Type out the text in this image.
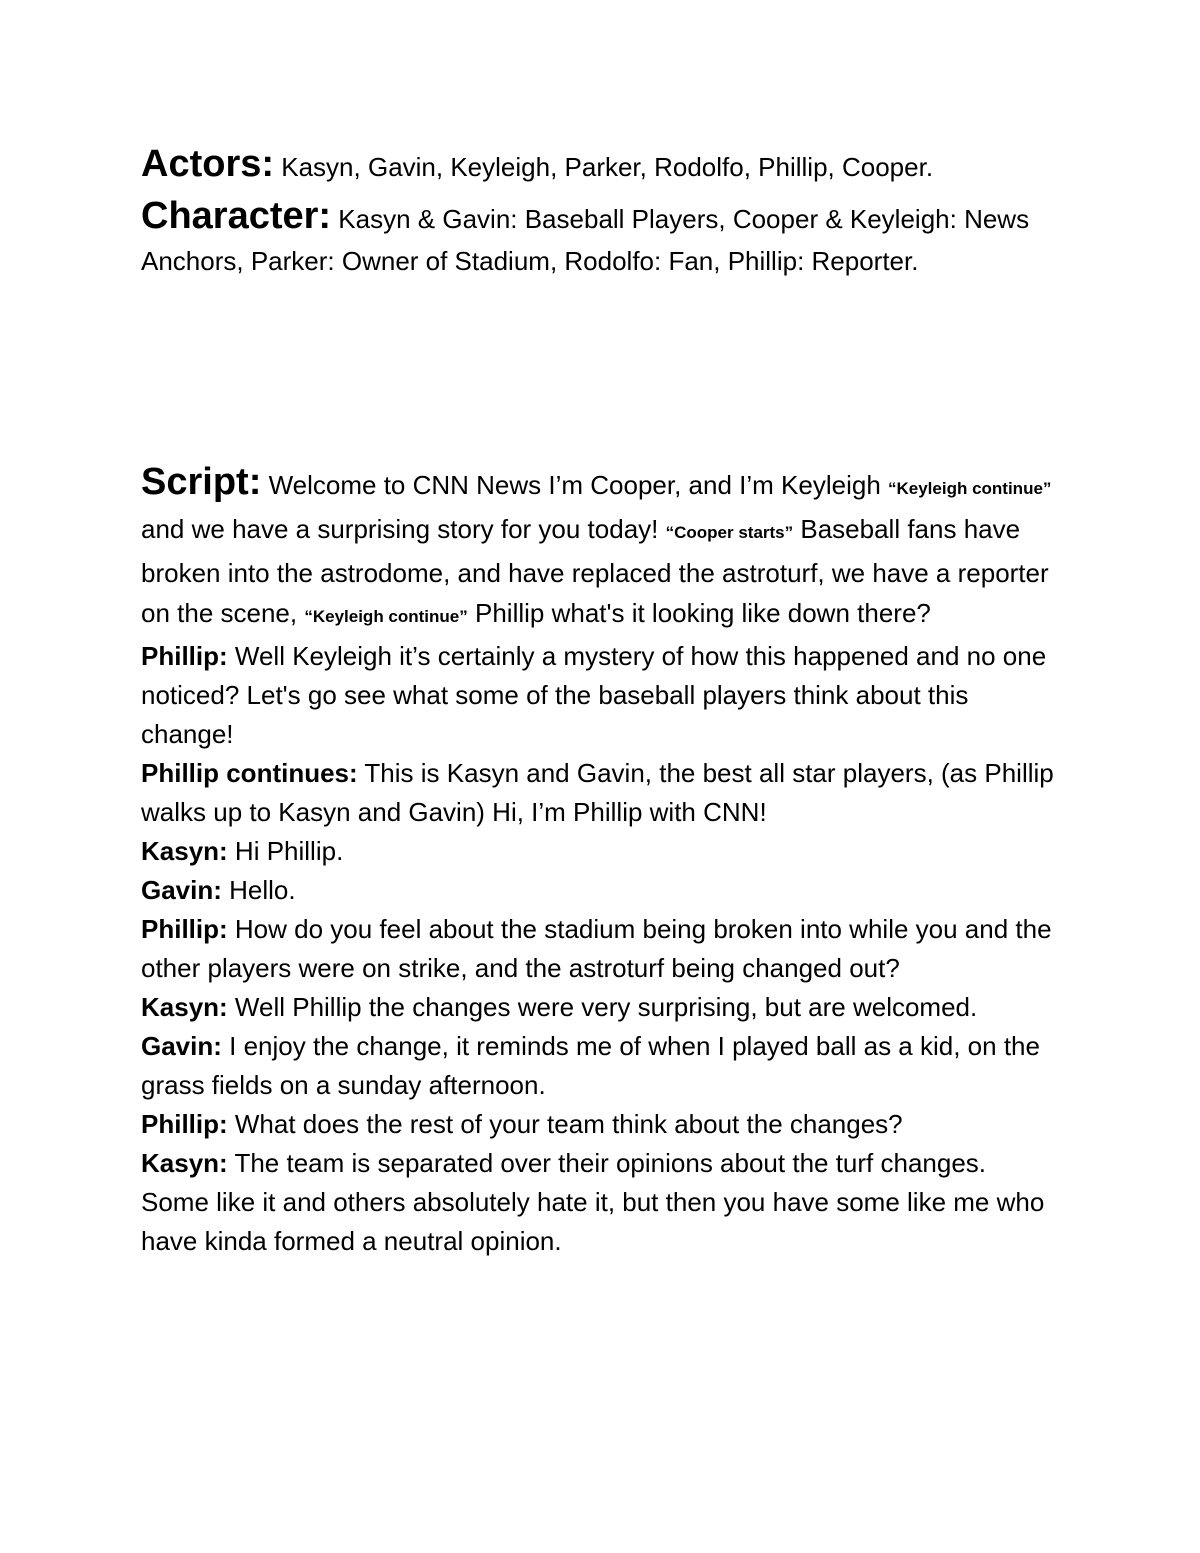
Actors: Kasyn, Gavin, Keyleigh, Parker, Rodolfo, Phillip, Cooper.
Character: Kasyn & Gavin: Baseball Players, Cooper & Keyleigh: News Anchors, Parker: Owner of Stadium, Rodolfo: Fan, Phillip: Reporter.
Script: Welcome to CNN News I’m Cooper, and I’m Keyleigh “Keyleigh continue” and we have a surprising story for you today! “Cooper starts” Baseball fans have broken into the astrodome, and have replaced the astroturf, we have a reporter on the scene, “Keyleigh continue” Phillip what's it looking like down there?
Phillip: Well Keyleigh it’s certainly a mystery of how this happened and no one noticed? Let's go see what some of the baseball players think about this change!
Phillip continues: This is Kasyn and Gavin, the best all star players, (as Phillip walks up to Kasyn and Gavin) Hi, I’m Phillip with CNN!
Kasyn: Hi Phillip.
Gavin: Hello.
Phillip: How do you feel about the stadium being broken into while you and the other players were on strike, and the astroturf being changed out?
Kasyn: Well Phillip the changes were very surprising, but are welcomed.
Gavin: I enjoy the change, it reminds me of when I played ball as a kid, on the grass fields on a sunday afternoon.
Phillip: What does the rest of your team think about the changes?
Kasyn: The team is separated over their opinions about the turf changes. Some like it and others absolutely hate it, but then you have some like me who have kinda formed a neutral opinion.
